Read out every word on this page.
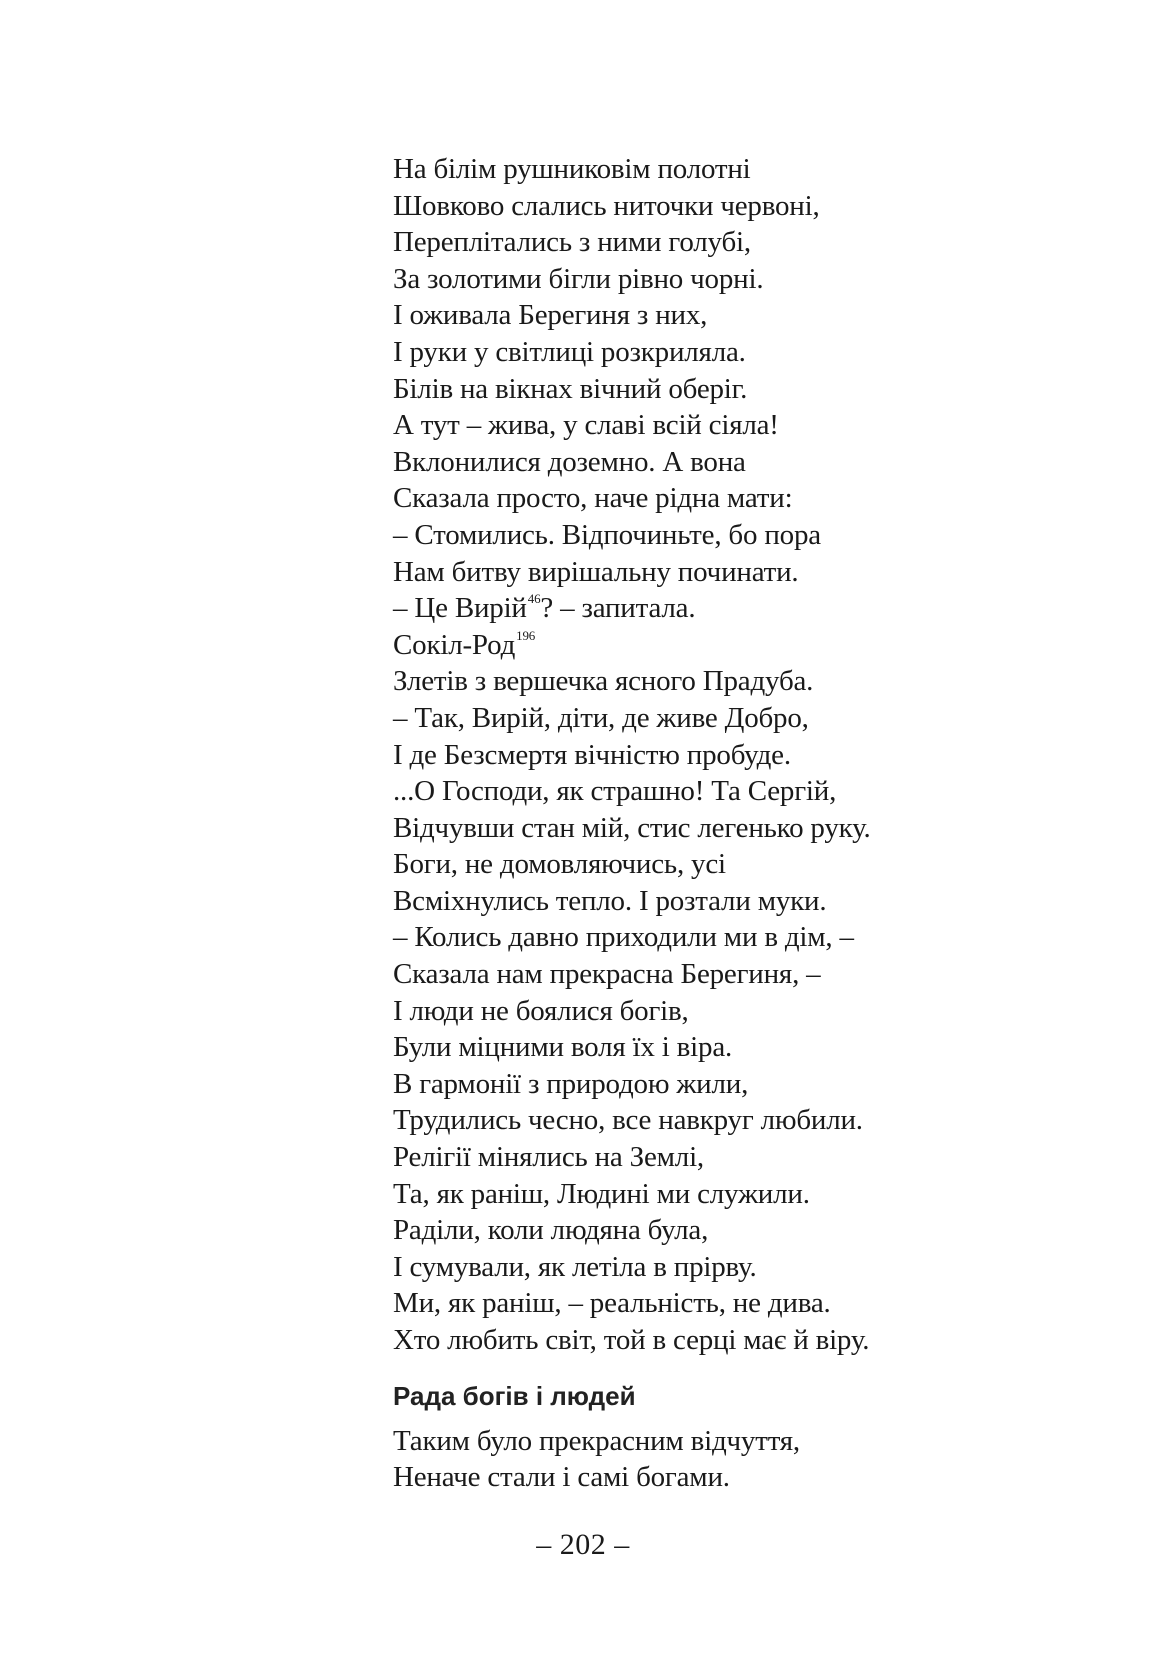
На білім рушниковім полотні
Шовково слались ниточки червоні,
Переплітались з ними голубі,
За золотими бігли рівно чорні.
І оживала Берегиня з них,
І руки у світлиці розкриляла.
Білів на вікнах вічний оберіг.
А тут – жива, у славі всій сіяла!
Вклонилися доземно. А вона
Сказала просто, наче рідна мати:
– Стомились. Відпочиньте, бо пора
Нам битву вирішальну починати.
– Це Вирій$^{46}$? – запитала.
Сокіл-Род$^{196}$
Злетів з вершечка ясного Прадуба.
– Так, Вирій, діти, де живе Добро,
І де Безсмертя вічністю пробуде.
...О Господи, як страшно! Та Сергій,
Відчувши стан мій, стис легенько руку.
Боги, не домовляючись, усі
Всміхнулись тепло. І розтали муки.
– Колись давно приходили ми в дім, –
Сказала нам прекрасна Берегиня, –
І люди не боялися богів,
Були міцними воля їх і віра.
В гармонії з природою жили,
Трудились чесно, все навкруг любили.
Релігії мінялись на Землі,
Та, як раніш, Людині ми служили.
Раділи, коли людяна була,
І сумували, як летіла в прірву.
Ми, як раніш, – реальність, не дива.
Хто любить світ, той в серці має й віру.
Рада богів і людей
Таким було прекрасним відчуття,
Неначе стали і самі богами.
– 202 –
